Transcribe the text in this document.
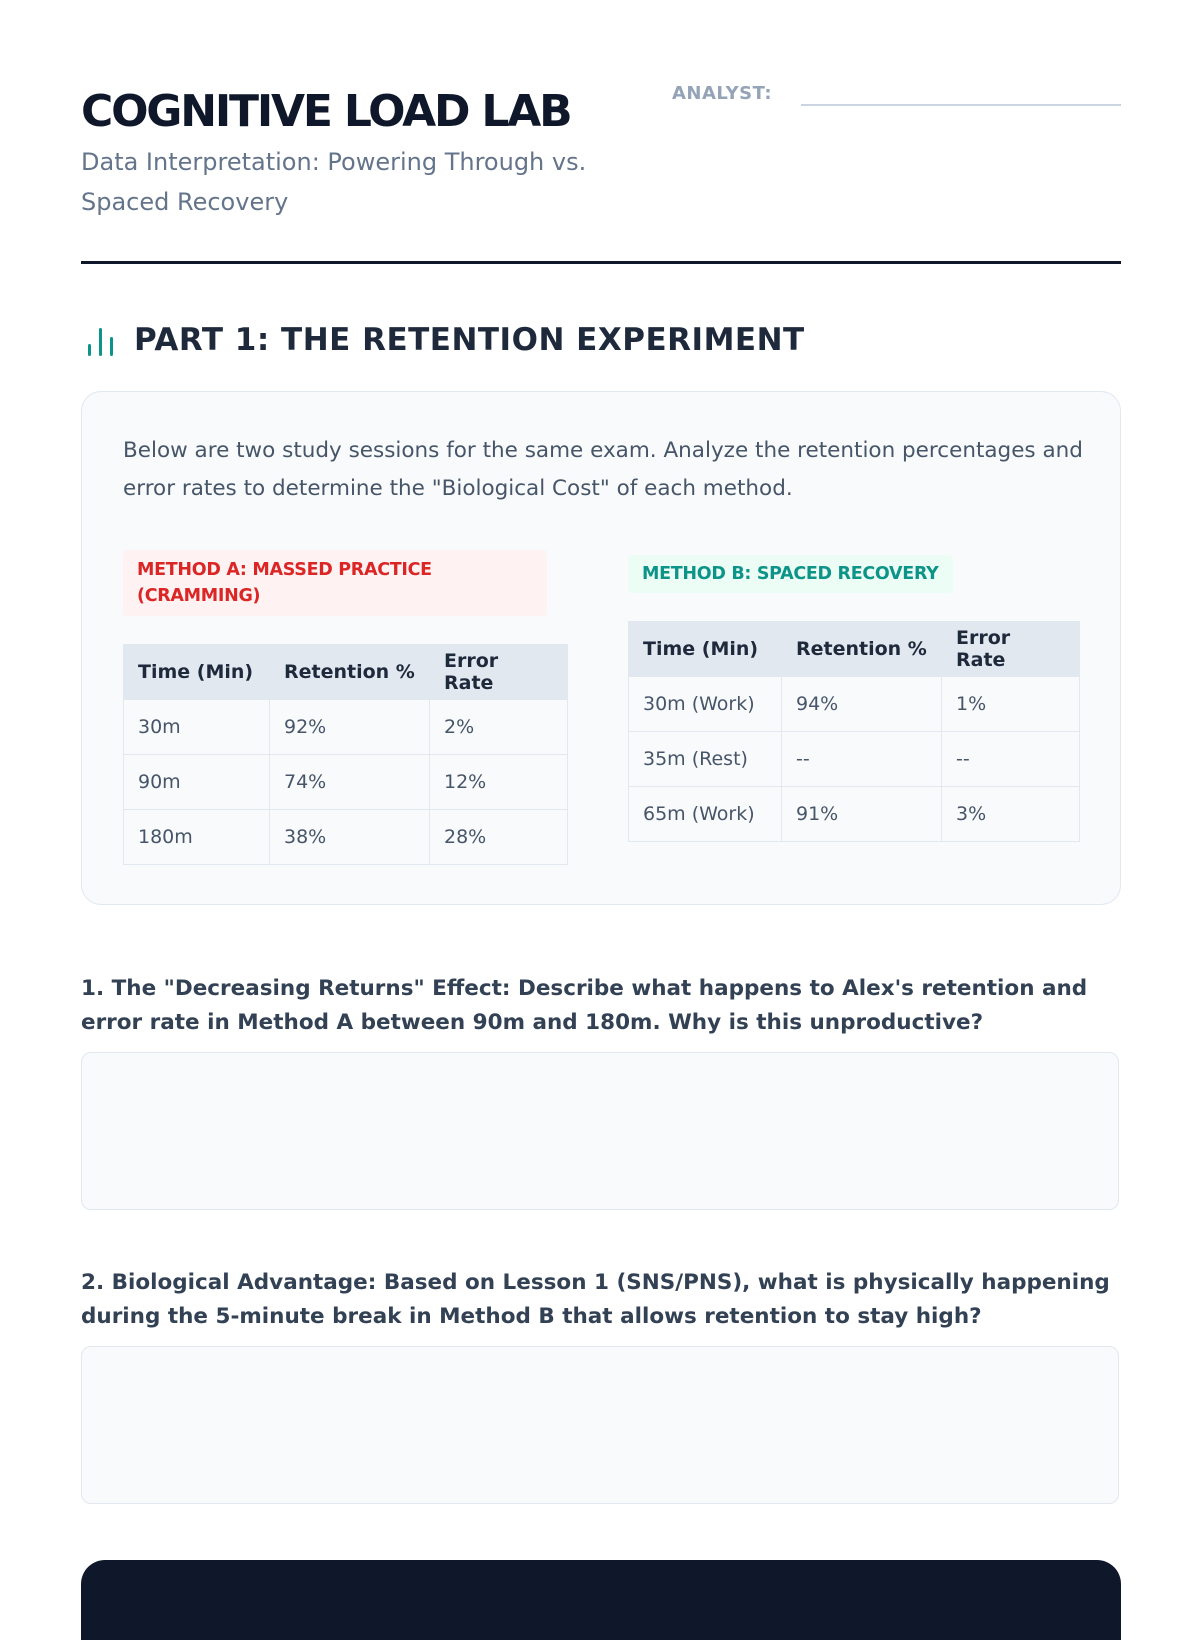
COGNITIVE LOAD LAB

Data Interpretation: Powering Through vs. Spaced Recovery

ANALYST:
PART 1: THE RETENTION EXPERIMENT

Below are two study sessions for the same exam. Analyze the retention percentages and error rates to determine the "Biological Cost" of each method.

METHOD A: MASSED PRACTICE (CRAMMING)
Time (Min)	Retention %	Error Rate
30m	92%	2%
90m	74%	12%
180m	38%	28%
METHOD B: SPACED RECOVERY
Time (Min)	Retention %	Error Rate
30m (Work)	94%	1%
35m (Rest)	--	--
65m (Work)	91%	3%

1. The "Decreasing Returns" Effect: Describe what happens to Alex's retention and error rate in Method A between 90m and 180m. Why is this unproductive?

2. Biological Advantage: Based on Lesson 1 (SNS/PNS), what is physically happening during the 5-minute break in Method B that allows retention to stay high?
